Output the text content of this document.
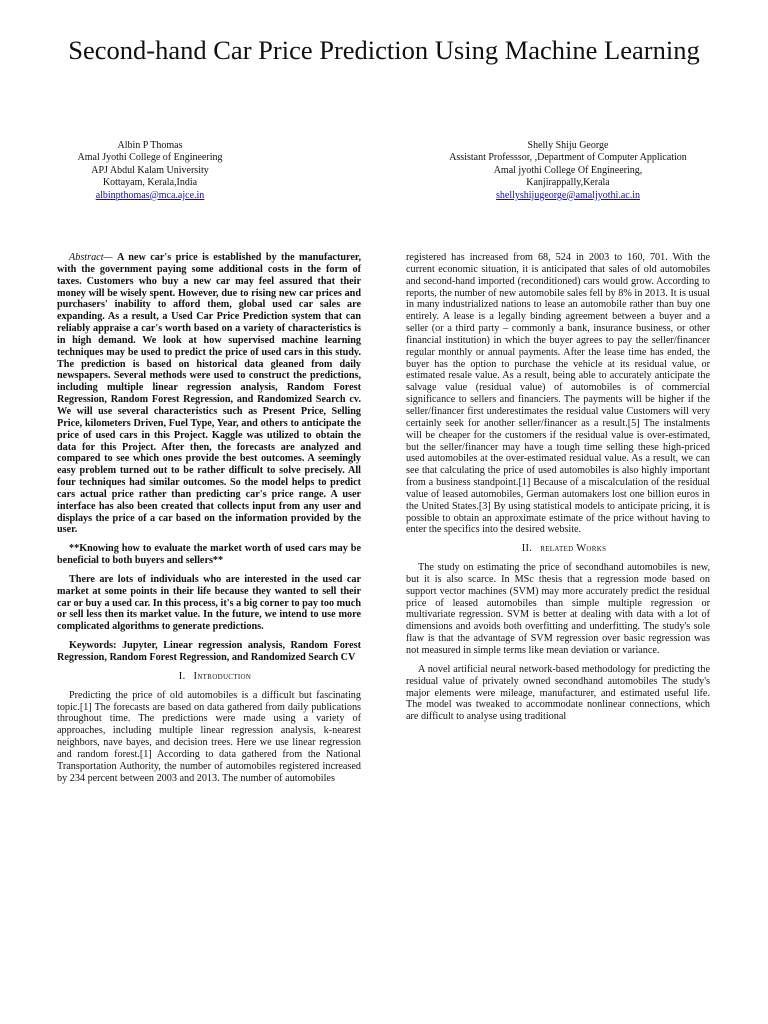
Second-hand Car Price Prediction Using Machine Learning
Albin P Thomas
Amal Jyothi College of Engineering
APJ Abdul Kalam University
Kottayam, Kerala,India
albinpthomas@mca.ajce.in
Shelly Shiju George
Assistant Professsor, ,Department of Computer Application
Amal jyothi College Of Engineering,
Kanjirappally,Kerala
shellyshijugeorge@amaljyothi.ac.in

Abstract— A new car's price is established by the manufacturer, with the government paying some additional costs in the form of taxes. Customers who buy a new car may feel assured that their money will be wisely spent. However, due to rising new car prices and purchasers' inability to afford them, global used car sales are expanding. As a result, a Used Car Price Prediction system that can reliably appraise a car's worth based on a variety of characteristics is in high demand. We look at how supervised machine learning techniques may be used to predict the price of used cars in this study. The prediction is based on historical data gleaned from daily newspapers. Several methods were used to construct the predictions, including multiple linear regression analysis, Random Forest Regression, Random Forest Regression, and Randomized Search cv. We will use several characteristics such as Present Price, Selling Price, kilometers Driven, Fuel Type, Year, and others to anticipate the price of used cars in this Project. Kaggle was utilized to obtain the data for this Project. After then, the forecasts are analyzed and compared to see which ones provide the best outcomes. A seemingly easy problem turned out to be rather difficult to solve precisely. All four techniques had similar outcomes. So the model helps to predict cars actual price rather than predicting car's price range. A user interface has also been created that collects input from any user and displays the price of a car based on the information provided by the user.

**Knowing how to evaluate the market worth of used cars may be beneficial to both buyers and sellers**

There are lots of individuals who are interested in the used car market at some points in their life because they wanted to sell their car or buy a used car. In this process, it's a big corner to pay too much or sell less then its market value. In the future, we intend to use more complicated algorithms to generate predictions.

Keywords: Jupyter, Linear regression analysis, Random Forest Regression, Random Forest Regression, and Randomized Search CV

I. Introduction

Predicting the price of old automobiles is a difficult but fascinating topic.[1] The forecasts are based on data gathered from daily publications throughout time. The predictions were made using a variety of approaches, including multiple linear regression analysis, k-nearest neighbors, nave bayes, and decision trees. Here we use linear regression and random forest.[1] According to data gathered from the National Transportation Authority, the number of automobiles registered increased by 234 percent between 2003 and 2013. The number of automobiles

registered has increased from 68, 524 in 2003 to 160, 701. With the current economic situation, it is anticipated that sales of old automobiles and second-hand imported (reconditioned) cars would grow. According to reports, the number of new automobile sales fell by 8% in 2013. It is usual in many industrialized nations to lease an automobile rather than buy one entirely. A lease is a legally binding agreement between a buyer and a seller (or a third party – commonly a bank, insurance business, or other financial institution) in which the buyer agrees to pay the seller/financer regular monthly or annual payments. After the lease time has ended, the buyer has the option to purchase the vehicle at its residual value, or estimated resale value. As a result, being able to accurately anticipate the salvage value (residual value) of automobiles is of commercial significance to sellers and financiers. The payments will be higher if the seller/financer first underestimates the residual value Customers will very certainly seek for another seller/financer as a result.[5] The instalments will be cheaper for the customers if the residual value is over-estimated, but the seller/financer may have a tough time selling these high-priced used automobiles at the over-estimated residual value. As a result, we can see that calculating the price of used automobiles is also highly important from a business standpoint.[1] Because of a miscalculation of the residual value of leased automobiles, German automakers lost one billion euros in the United States.[3] By using statistical models to anticipate pricing, it is possible to obtain an approximate estimate of the price without having to enter the specifics into the desired website.

II. related Works

The study on estimating the price of secondhand automobiles is new, but it is also scarce. In MSc thesis that a regression mode based on support vector machines (SVM) may more accurately predict the residual price of leased automobiles than simple multiple regression or multivariate regression. SVM is better at dealing with data with a lot of dimensions and avoids both overfitting and underfitting. The study's sole flaw is that the advantage of SVM regression over basic regression was not measured in simple terms like mean deviation or variance.

A novel artificial neural network-based methodology for predicting the residual value of privately owned secondhand automobiles The study's major elements were mileage, manufacturer, and estimated useful life. The model was tweaked to accommodate nonlinear connections, which are difficult to analyse using traditional
